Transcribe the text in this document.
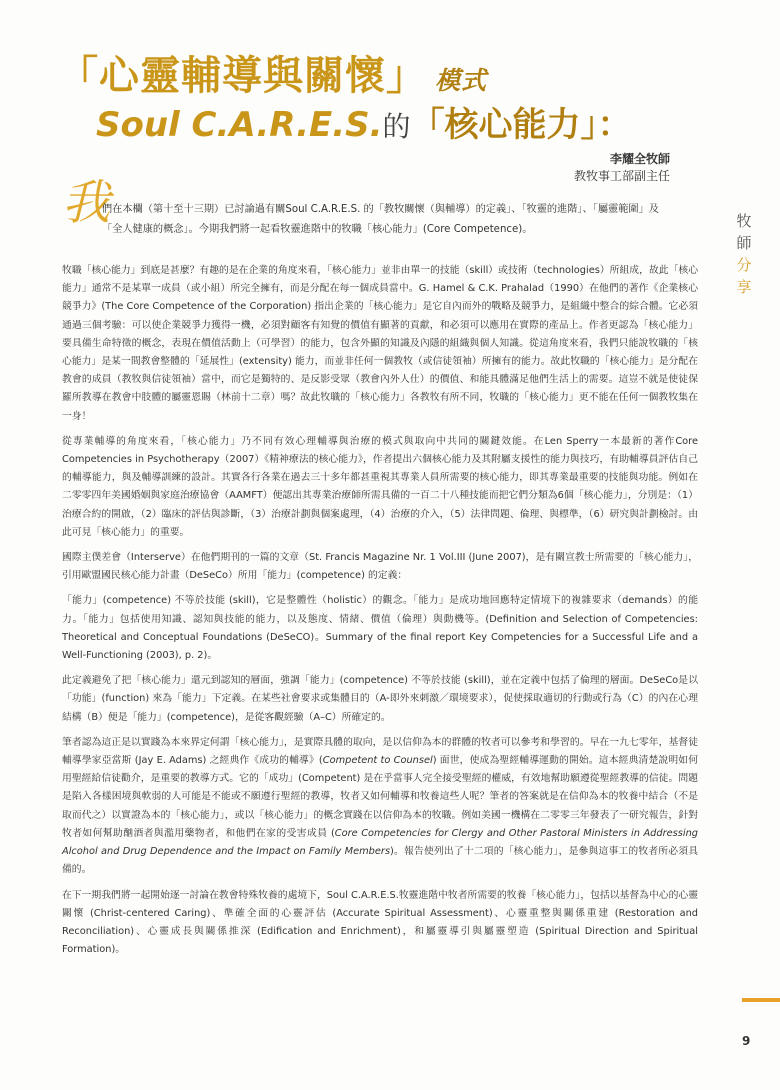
「心靈輔導與關懷」 模式
Soul C.A.R.E.S.的「核心能力」：
李耀全牧師
教牧事工部副主任
我
們在本欄（第十至十三期）已討論過有關Soul C.A.R.E.S. 的「教牧關懷（與輔導）的定義」、「牧靈的進階」、「屬靈範圍」及「全人健康的概念」。今期我們將一起看牧靈進階中的牧職「核心能力」(Core Competence)。	牧師
分享

牧職「核心能力」到底是甚麼？有趣的是在企業的角度來看，「核心能力」並非由單一的技能（skill）或技術（technologies）所組成，故此「核心能力」通常不是某單一成員（或小組）所完全擁有，而是分配在每一個成員當中。G. Hamel & C.K. Prahalad（1990）在他們的著作《企業核心競爭力》(The Core Competence of the Corporation) 指出企業的「核心能力」是它自內而外的戰略及競爭力，是組織中整合的綜合體。它必須通過三個考驗：可以使企業競爭力獲得一機，必須對顧客有知覺的價值有顯著的貢獻，和必須可以應用在實際的產品上。作者更認為「核心能力」要具備生命特徵的概念，表現在價值活動上（可學習）的能力，包含外顯的知識及內隱的組織與個人知識。從這角度來看，我們只能說牧職的「核心能力」是某一間教會整體的「延展性」(extensity) 能力，而並非任何一個教牧（或信徒領袖）所擁有的能力。故此牧職的「核心能力」是分配在教會的成員（教牧與信徒領袖）當中，而它是獨特的、是反影受眾（教會內外人仕）的價值、和能具體滿足他們生活上的需要。這豈不就是使徒保羅所教導在教會中肢體的屬靈恩賜（林前十二章）嗎？故此牧職的「核心能力」各教牧有所不同，牧職的「核心能力」更不能在任何一個教牧集在一身！

從專業輔導的角度來看，「核心能力」乃不同有效心理輔導與治療的模式與取向中共同的關鍵效能。在Len Sperry一本最新的著作Core Competencies in Psychotherapy（2007）《精神療法的核心能力》，作者提出六個核心能力及其附屬支援性的能力與技巧，有助輔導員評估自己的輔導能力，與及輔導訓練的設計。其實各行各業在過去三十多年都甚重視其專業人員所需要的核心能力，即其專業最重要的技能與功能。例如在二零零四年美國婚姻與家庭治療協會（AAMFT）便認出其專業治療師所需具備的一百二十八種技能而把它們分類為6個「核心能力」，分別是：（1）治療合約的開啟，（2）臨床的評估與診斷，（3）治療計劃與個案處理，（4）治療的介入，（5）法律問題、倫理、與標準，（6）研究與計劃檢討。由此可見「核心能力」的重要。

國際主僕差會（Interserve）在他們期刊的一篇的文章（St. Francis Magazine Nr. 1 Vol.III (June 2007)，是有關宣教士所需要的「核心能力」，引用歐盟國民核心能力計畫（DeSeCo）所用「能力」(competence) 的定義：

「能力」(competence) 不等於技能 (skill)，它是整體性（holistic）的觀念。「能力」是成功地回應特定情境下的複雜要求（demands）的能力。「能力」包括使用知識、認知與技能的能力，以及態度、情緒、價值（倫理）與動機等。(Definition and Selection of Competencies: Theoretical and Conceptual Foundations (DeSeCO)。Summary of the final report Key Competencies for a Successful Life and a Well-Functioning (2003), p. 2)。

此定義避免了把「核心能力」還元到認知的層面，強調「能力」(competence) 不等於技能 (skill)，並在定義中包括了倫理的層面。DeSeCo是以「功能」(function) 來為「能力」下定義。在某些社會要求或集體目的（A-即外來刺激／環境要求），促使採取適切的行動或行為（C）的內在心理結構（B）便是「能力」(competence)，是從客觀經驗（A–C）所確定的。

筆者認為這正是以實踐為本來界定何謂「核心能力」，是實際具體的取向，是以信仰為本的群體的牧者可以參考和學習的。早在一九七零年，基督徒輔導學家亞當斯 (Jay E. Adams) 之經典作《成功的輔導》(Competent to Counsel) 面世，使成為聖經輔導運動的開始。這本經典清楚說明如何用聖經給信徒勸介，是重要的教導方式。它的「成功」(Competent) 是在乎當事人完全接受聖經的權威，有效地幫助願遵從聖經教導的信徒。問題是陷入各樣困境與軟弱的人可能是不能或不願遵行聖經的教導，牧者又如何輔導和牧養這些人呢？筆者的答案就是在信仰為本的牧養中結合（不是取而代之）以實證為本的「核心能力」，或以「核心能力」的概念實踐在以信仰為本的牧職。例如美國一機構在二零零三年發表了一研究報告，針對牧者如何幫助酗酒者與濫用藥物者，和他們在家的受害成員 (Core Competencies for Clergy and Other Pastoral Ministers in Addressing Alcohol and Drug Dependence and the Impact on Family Members)。報告使列出了十二項的「核心能力」，是參與這事工的牧者所必須具備的。

在下一期我們將一起開始逐一討論在教會特殊牧養的處境下，Soul C.A.R.E.S.牧靈進階中牧者所需要的牧養「核心能力」，包括以基督為中心的心靈關懷 (Christ-centered Caring)、準確全面的心靈評估 (Accurate Spiritual Assessment)、心靈重整與關係重建 (Restoration and Reconciliation)、心靈成長與關係推深 (Edification and Enrichment)，和屬靈導引與屬靈塑造 (Spiritual Direction and Spiritual Formation)。

9
